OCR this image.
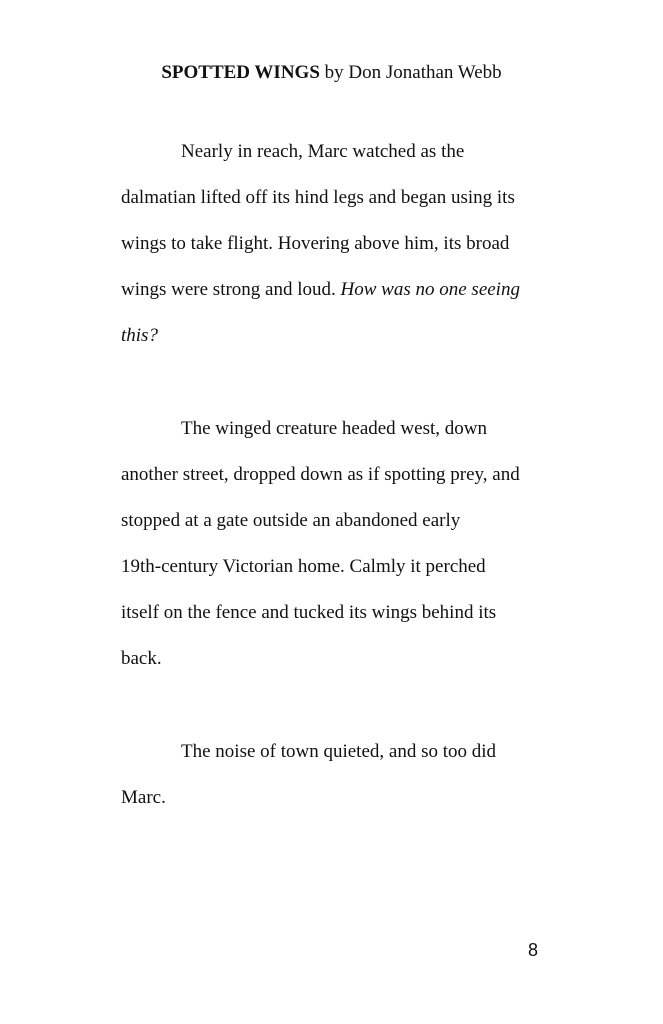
SPOTTED WINGS by Don Jonathan Webb
Nearly in reach, Marc watched as the
dalmatian lifted off its hind legs and began using its
wings to take flight. Hovering above him, its broad
wings were strong and loud. How was no one seeing
this?
The winged creature headed west, down
another street, dropped down as if spotting prey, and
stopped at a gate outside an abandoned early
19th-century Victorian home. Calmly it perched
itself on the fence and tucked its wings behind its
back.
The noise of town quieted, and so too did
Marc.
8
